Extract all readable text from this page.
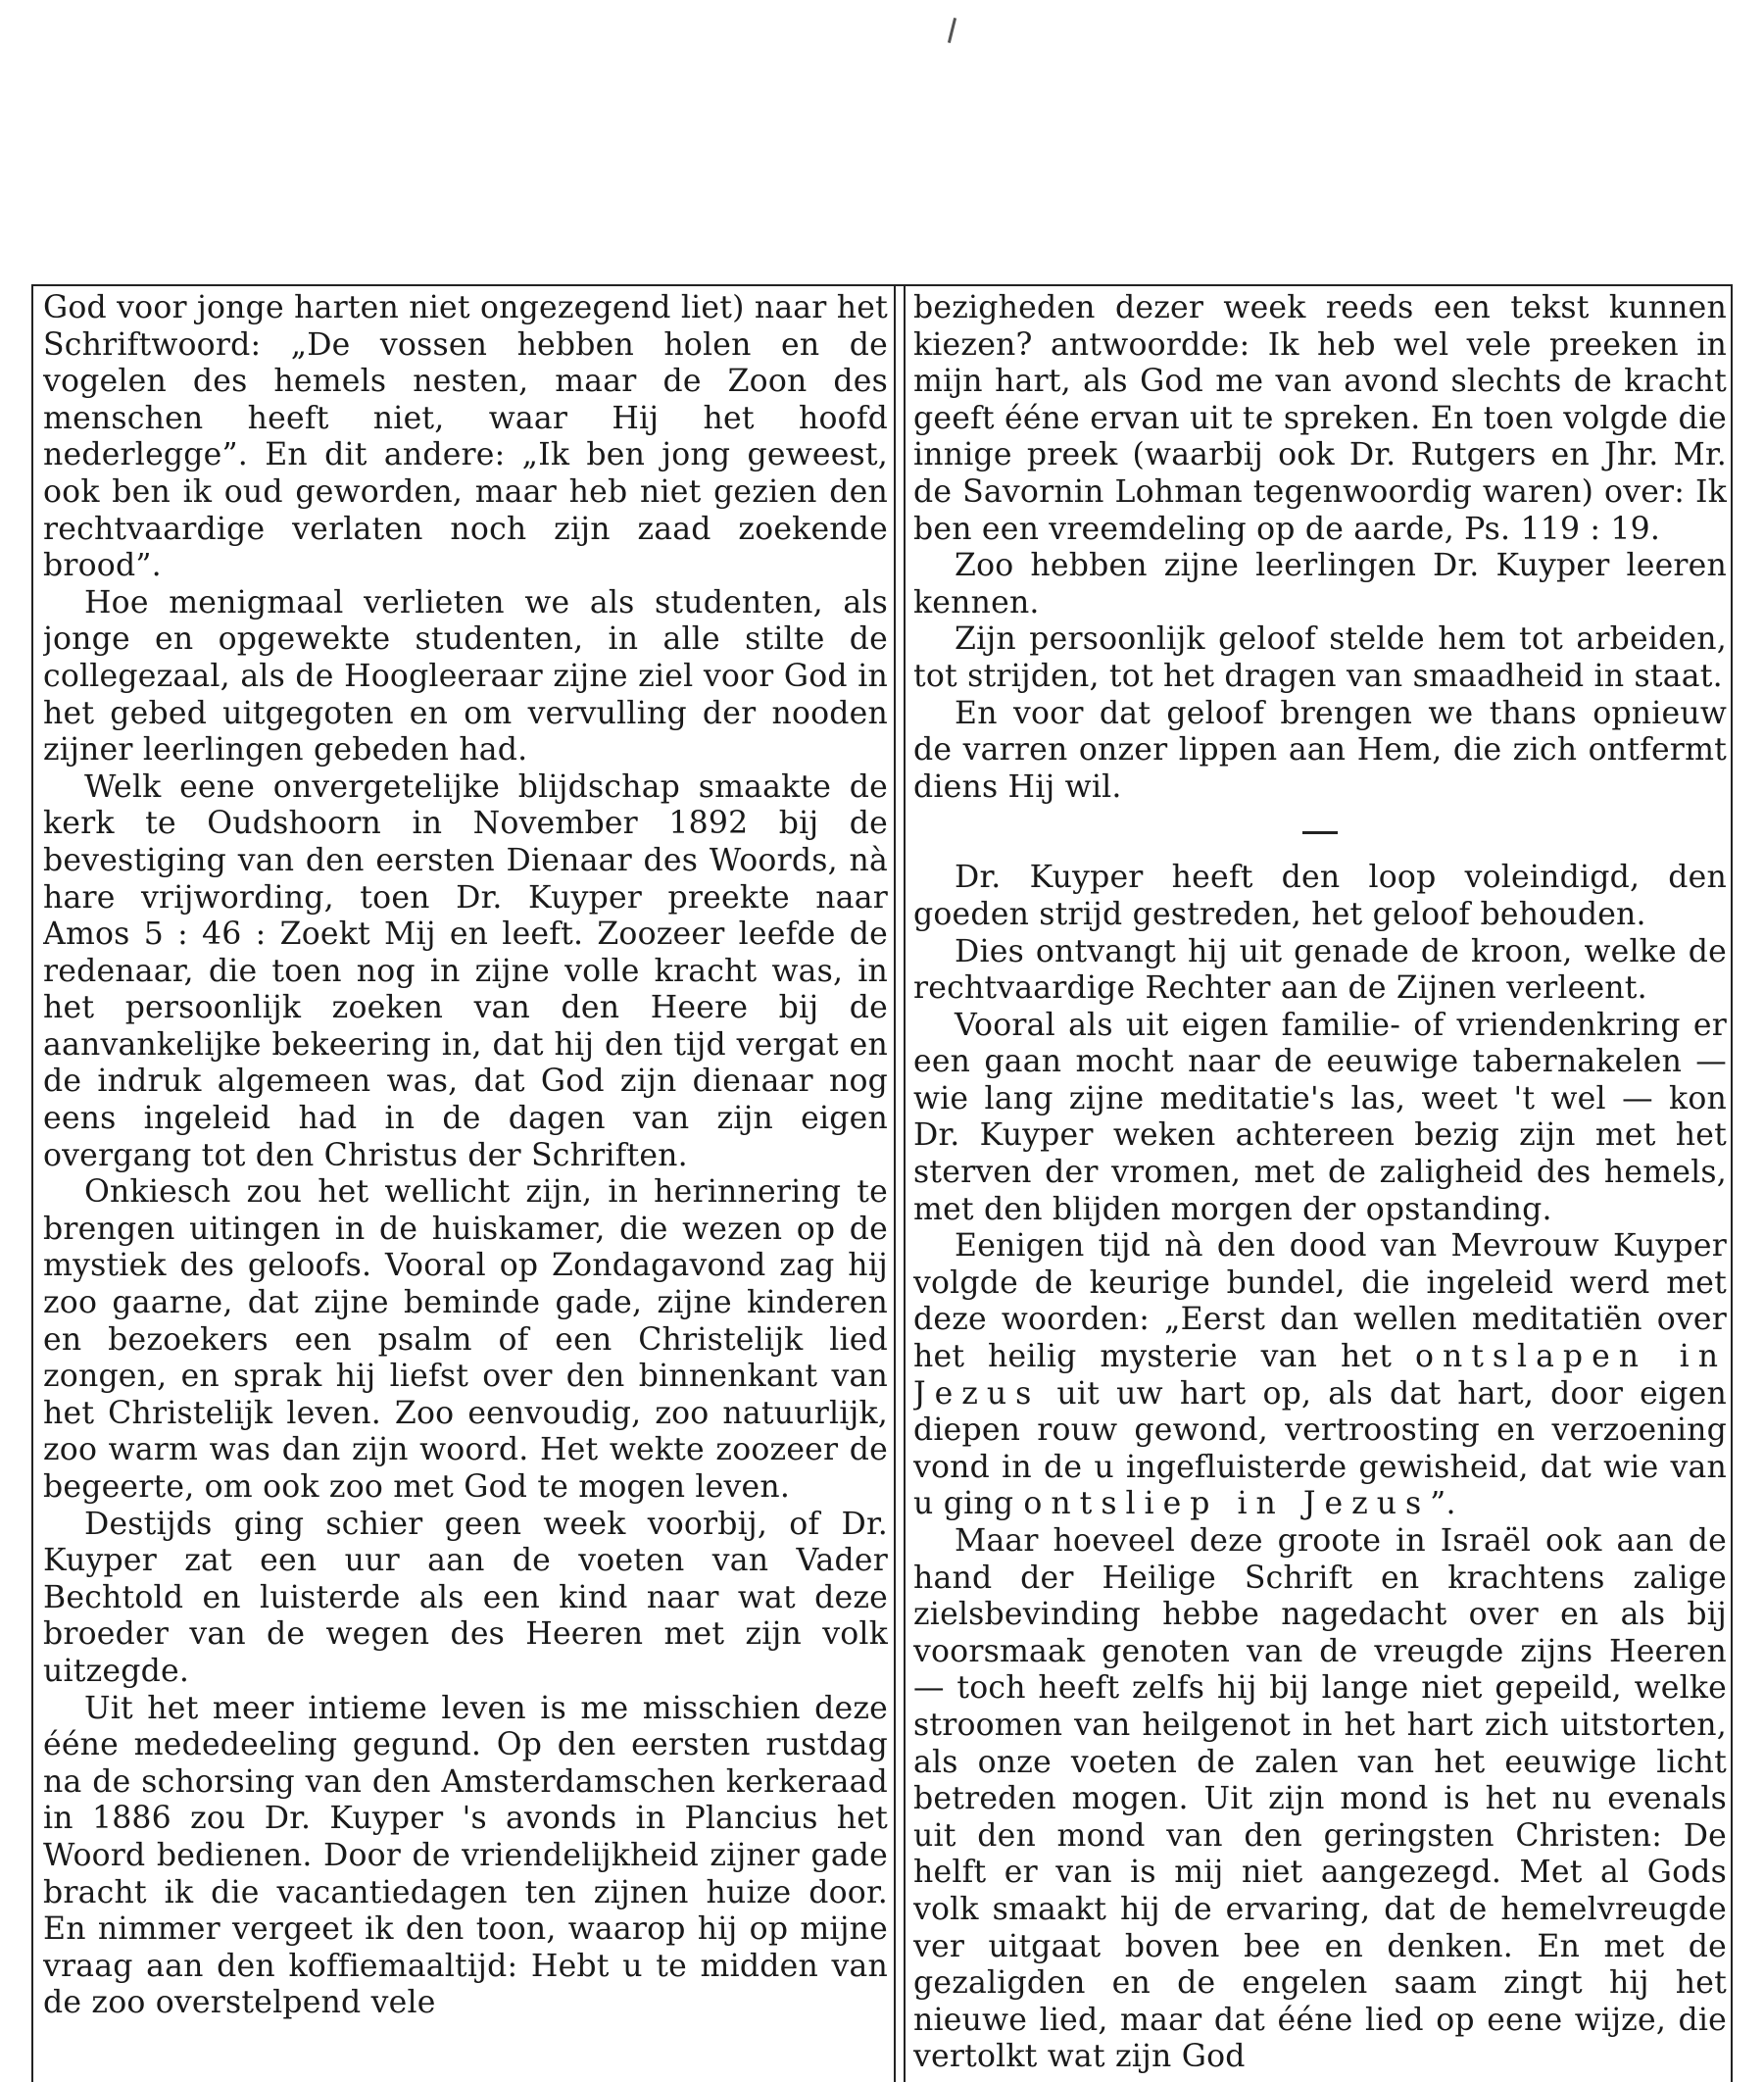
God voor jonge harten niet ongezegend liet) naar het Schriftwoord: „De vossen hebben holen en de vogelen des hemels nesten, maar de Zoon des menschen heeft niet, waar Hij het hoofd nederlegge”. En dit andere: „Ik ben jong geweest, ook ben ik oud geworden, maar heb niet gezien den rechtvaardige verlaten noch zijn zaad zoekende brood”.

Hoe menigmaal verlieten we als studenten, als jonge en opgewekte studenten, in alle stilte de collegezaal, als de Hoogleeraar zijne ziel voor God in het gebed uitgegoten en om vervulling der nooden zijner leerlingen gebeden had.

Welk eene onvergetelijke blijdschap smaakte de kerk te Oudshoorn in November 1892 bij de bevestiging van den eersten Dienaar des Woords, nà hare vrijwording, toen Dr. Kuyper preekte naar Amos 5 : 46 : Zoekt Mij en leeft. Zoozeer leefde de redenaar, die toen nog in zijne volle kracht was, in het persoonlijk zoeken van den Heere bij de aanvankelijke bekeering in, dat hij den tijd vergat en de indruk algemeen was, dat God zijn dienaar nog eens ingeleid had in de dagen van zijn eigen overgang tot den Christus der Schriften.

Onkiesch zou het wellicht zijn, in herinnering te brengen uitingen in de huiskamer, die wezen op de mystiek des geloofs. Vooral op Zondagavond zag hij zoo gaarne, dat zijne beminde gade, zijne kinderen en bezoekers een psalm of een Christelijk lied zongen, en sprak hij liefst over den binnenkant van het Christelijk leven. Zoo eenvoudig, zoo natuurlijk, zoo warm was dan zijn woord. Het wekte zoozeer de begeerte, om ook zoo met God te mogen leven.

Destijds ging schier geen week voorbij, of Dr. Kuyper zat een uur aan de voeten van Vader Bechtold en luisterde als een kind naar wat deze broeder van de wegen des Heeren met zijn volk uitzegde.

Uit het meer intieme leven is me misschien deze ééne mededeeling gegund. Op den eersten rustdag na de schorsing van den Amsterdamschen kerkeraad in 1886 zou Dr. Kuyper 's avonds in Plancius het Woord bedienen. Door de vriendelijkheid zijner gade bracht ik die vacantiedagen ten zijnen huize door. En nimmer vergeet ik den toon, waarop hij op mijne vraag aan den koffiemaaltijd: Hebt u te midden van de zoo overstelpend vele

bezigheden dezer week reeds een tekst kunnen kiezen? antwoordde: Ik heb wel vele preeken in mijn hart, als God me van avond slechts de kracht geeft ééne ervan uit te spreken. En toen volgde die innige preek (waarbij ook Dr. Rutgers en Jhr. Mr. de Savornin Lohman tegenwoordig waren) over: Ik ben een vreemdeling op de aarde, Ps. 119 : 19.

Zoo hebben zijne leerlingen Dr. Kuyper leeren kennen.

Zijn persoonlijk geloof stelde hem tot arbeiden, tot strijden, tot het dragen van smaadheid in staat.

En voor dat geloof brengen we thans opnieuw de varren onzer lippen aan Hem, die zich ontfermt diens Hij wil.

Dr. Kuyper heeft den loop voleindigd, den goeden strijd gestreden, het geloof behouden.

Dies ontvangt hij uit genade de kroon, welke de rechtvaardige Rechter aan de Zijnen verleent.

Vooral als uit eigen familie- of vriendenkring er een gaan mocht naar de eeuwige tabernakelen — wie lang zijne meditatie's las, weet 't wel — kon Dr. Kuyper weken achtereen bezig zijn met het sterven der vromen, met de zaligheid des hemels, met den blijden morgen der opstanding.

Eenigen tijd nà den dood van Mevrouw Kuyper volgde de keurige bundel, die ingeleid werd met deze woorden: „Eerst dan wellen meditatiën over het heilig mysterie van het ontslapen in Jezus uit uw hart op, als dat hart, door eigen diepen rouw gewond, vertroosting en verzoening vond in de u ingefluisterde gewisheid, dat wie van u ging ontsliep in Jezus”.

Maar hoeveel deze groote in Israël ook aan de hand der Heilige Schrift en krachtens zalige zielsbevinding hebbe nagedacht over en als bij voorsmaak genoten van de vreugde zijns Heeren — toch heeft zelfs hij bij lange niet gepeild, welke stroomen van heilgenot in het hart zich uitstorten, als onze voeten de zalen van het eeuwige licht betreden mogen. Uit zijn mond is het nu evenals uit den mond van den geringsten Christen: De helft er van is mij niet aangezegd. Met al Gods volk smaakt hij de ervaring, dat de hemelvreugde ver uitgaat boven bee en denken. En met de gezaligden en de engelen saam zingt hij het nieuwe lied, maar dat ééne lied op eene wijze, die vertolkt wat zijn God
